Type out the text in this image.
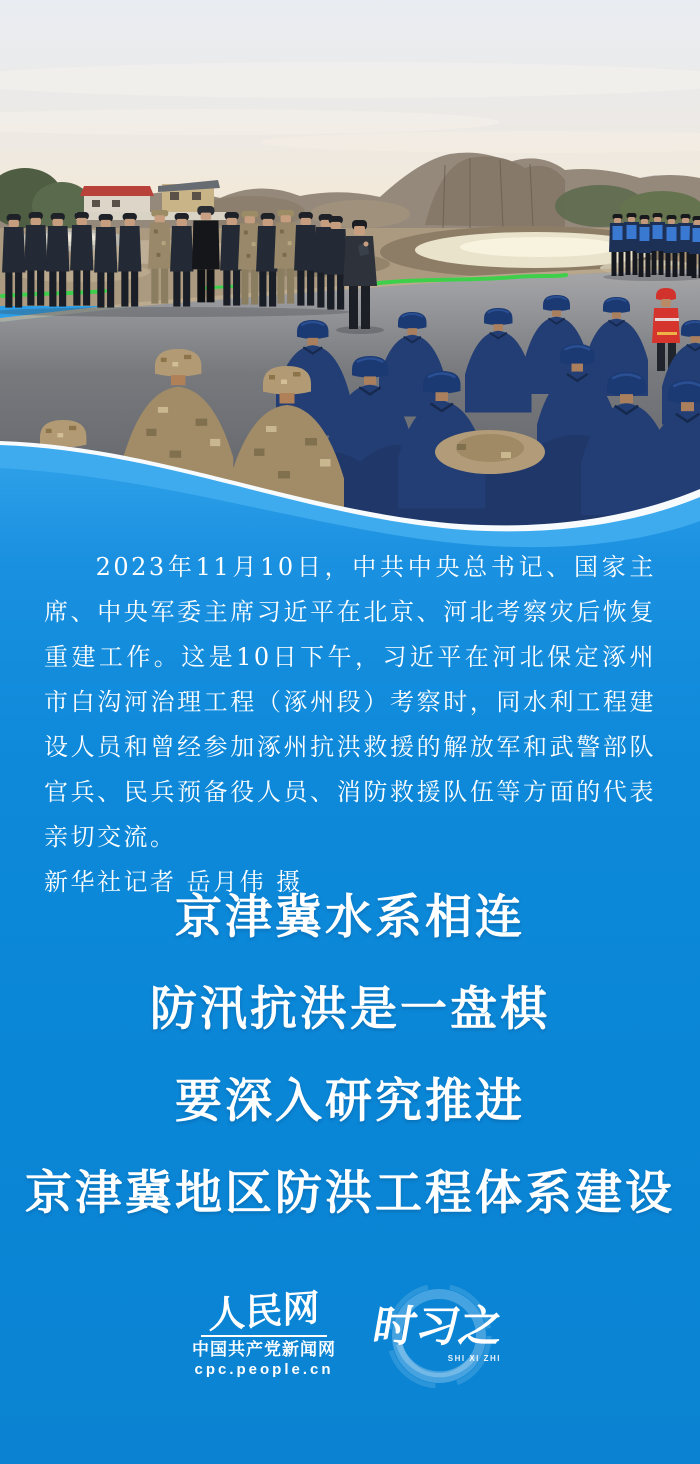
2023年11月10日，中共中央总书记、国家主席、中央军委主席习近平在北京、河北考察灾后恢复重建工作。这是10日下午，习近平在河北保定涿州市白沟河治理工程（涿州段）考察时，同水利工程建设人员和曾经参加涿州抗洪救援的解放军和武警部队官兵、民兵预备役人员、消防救援队伍等方面的代表亲切交流。

新华社记者 岳月伟 摄
京津冀水系相连
防汛抗洪是一盘棋
要深入研究推进
京津冀地区防洪工程体系建设
人民网
中国共产党新闻网
cpc.people.cn
时习之
SHI XI ZHI
